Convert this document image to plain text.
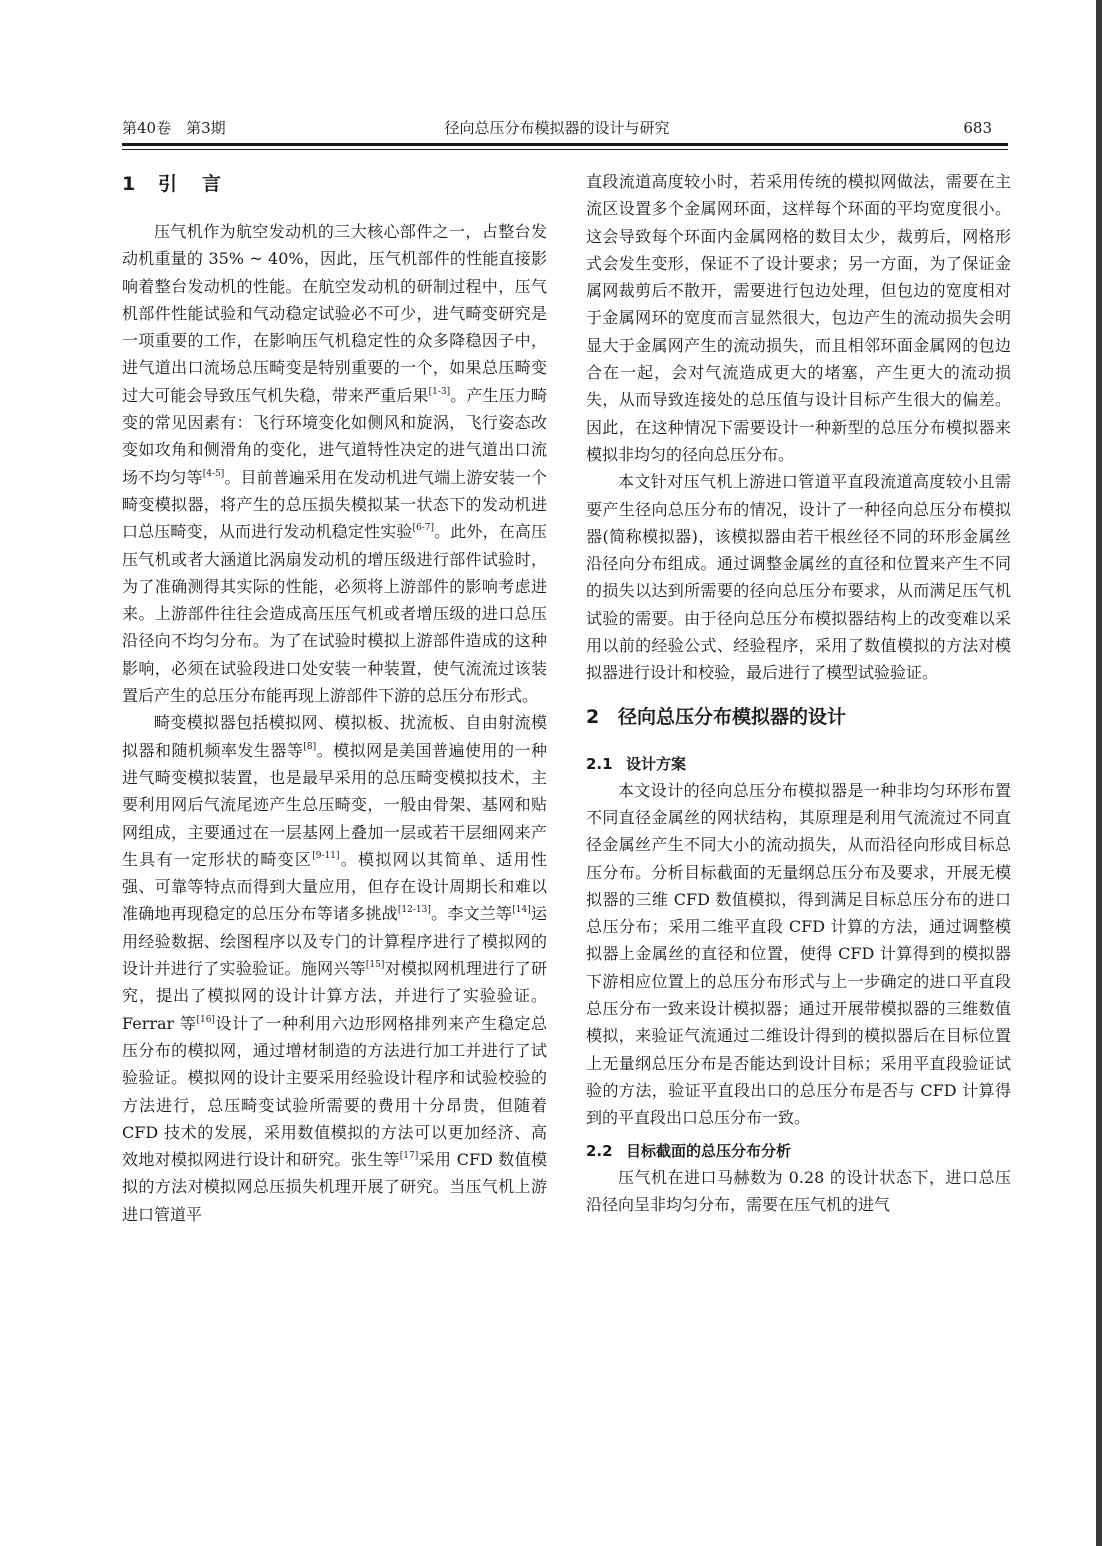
第40卷　第3期	径向总压分布模拟器的设计与研究	683
1 引 言

压气机作为航空发动机的三大核心部件之一，占整台发动机重量的 35% ~ 40%，因此，压气机部件的性能直接影响着整台发动机的性能。在航空发动机的研制过程中，压气机部件性能试验和气动稳定试验必不可少，进气畸变研究是一项重要的工作，在影响压气机稳定性的众多降稳因子中，进气道出口流场总压畸变是特别重要的一个，如果总压畸变过大可能会导致压气机失稳，带来严重后果[1-3]。产生压力畸变的常见因素有：飞行环境变化如侧风和旋涡，飞行姿态改变如攻角和侧滑角的变化，进气道特性决定的进气道出口流场不均匀等[4-5]。目前普遍采用在发动机进气端上游安装一个畸变模拟器，将产生的总压损失模拟某一状态下的发动机进口总压畸变，从而进行发动机稳定性实验[6-7]。此外，在高压压气机或者大涵道比涡扇发动机的增压级进行部件试验时，为了准确测得其实际的性能，必须将上游部件的影响考虑进来。上游部件往往会造成高压压气机或者增压级的进口总压沿径向不均匀分布。为了在试验时模拟上游部件造成的这种影响，必须在试验段进口处安装一种装置，使气流流过该装置后产生的总压分布能再现上游部件下游的总压分布形式。

畸变模拟器包括模拟网、模拟板、扰流板、自由射流模拟器和随机频率发生器等[8]。模拟网是美国普遍使用的一种进气畸变模拟装置，也是最早采用的总压畸变模拟技术，主要利用网后气流尾迹产生总压畸变，一般由骨架、基网和贴网组成，主要通过在一层基网上叠加一层或若干层细网来产生具有一定形状的畸变区[9-11]。模拟网以其简单、适用性强、可靠等特点而得到大量应用，但存在设计周期长和难以准确地再现稳定的总压分布等诸多挑战[12-13]。李文兰等[14]运用经验数据、绘图程序以及专门的计算程序进行了模拟网的设计并进行了实验验证。施网兴等[15]对模拟网机理进行了研究，提出了模拟网的设计计算方法，并进行了实验验证。Ferrar 等[16]设计了一种利用六边形网格排列来产生稳定总压分布的模拟网，通过增材制造的方法进行加工并进行了试验验证。模拟网的设计主要采用经验设计程序和试验校验的方法进行，总压畸变试验所需要的费用十分昂贵，但随着 CFD 技术的发展，采用数值模拟的方法可以更加经济、高效地对模拟网进行设计和研究。张生等[17]采用 CFD 数值模拟的方法对模拟网总压损失机理开展了研究。当压气机上游进口管道平

直段流道高度较小时，若采用传统的模拟网做法，需要在主流区设置多个金属网环面，这样每个环面的平均宽度很小。这会导致每个环面内金属网格的数目太少，裁剪后，网格形式会发生变形，保证不了设计要求；另一方面，为了保证金属网裁剪后不散开，需要进行包边处理，但包边的宽度相对于金属网环的宽度而言显然很大，包边产生的流动损失会明显大于金属网产生的流动损失，而且相邻环面金属网的包边合在一起，会对气流造成更大的堵塞，产生更大的流动损失，从而导致连接处的总压值与设计目标产生很大的偏差。因此，在这种情况下需要设计一种新型的总压分布模拟器来模拟非均匀的径向总压分布。

本文针对压气机上游进口管道平直段流道高度较小且需要产生径向总压分布的情况，设计了一种径向总压分布模拟器(简称模拟器)，该模拟器由若干根丝径不同的环形金属丝沿径向分布组成。通过调整金属丝的直径和位置来产生不同的损失以达到所需要的径向总压分布要求，从而满足压气机试验的需要。由于径向总压分布模拟器结构上的改变难以采用以前的经验公式、经验程序，采用了数值模拟的方法对模拟器进行设计和校验，最后进行了模型试验验证。

2 径向总压分布模拟器的设计
2.1 设计方案

本文设计的径向总压分布模拟器是一种非均匀环形布置不同直径金属丝的网状结构，其原理是利用气流流过不同直径金属丝产生不同大小的流动损失，从而沿径向形成目标总压分布。分析目标截面的无量纲总压分布及要求，开展无模拟器的三维 CFD 数值模拟，得到满足目标总压分布的进口总压分布；采用二维平直段 CFD 计算的方法，通过调整模拟器上金属丝的直径和位置，使得 CFD 计算得到的模拟器下游相应位置上的总压分布形式与上一步确定的进口平直段总压分布一致来设计模拟器；通过开展带模拟器的三维数值模拟，来验证气流通过二维设计得到的模拟器后在目标位置上无量纲总压分布是否能达到设计目标；采用平直段验证试验的方法，验证平直段出口的总压分布是否与 CFD 计算得到的平直段出口总压分布一致。

2.2 目标截面的总压分布分析

压气机在进口马赫数为 0.28 的设计状态下，进口总压沿径向呈非均匀分布，需要在压气机的进气
